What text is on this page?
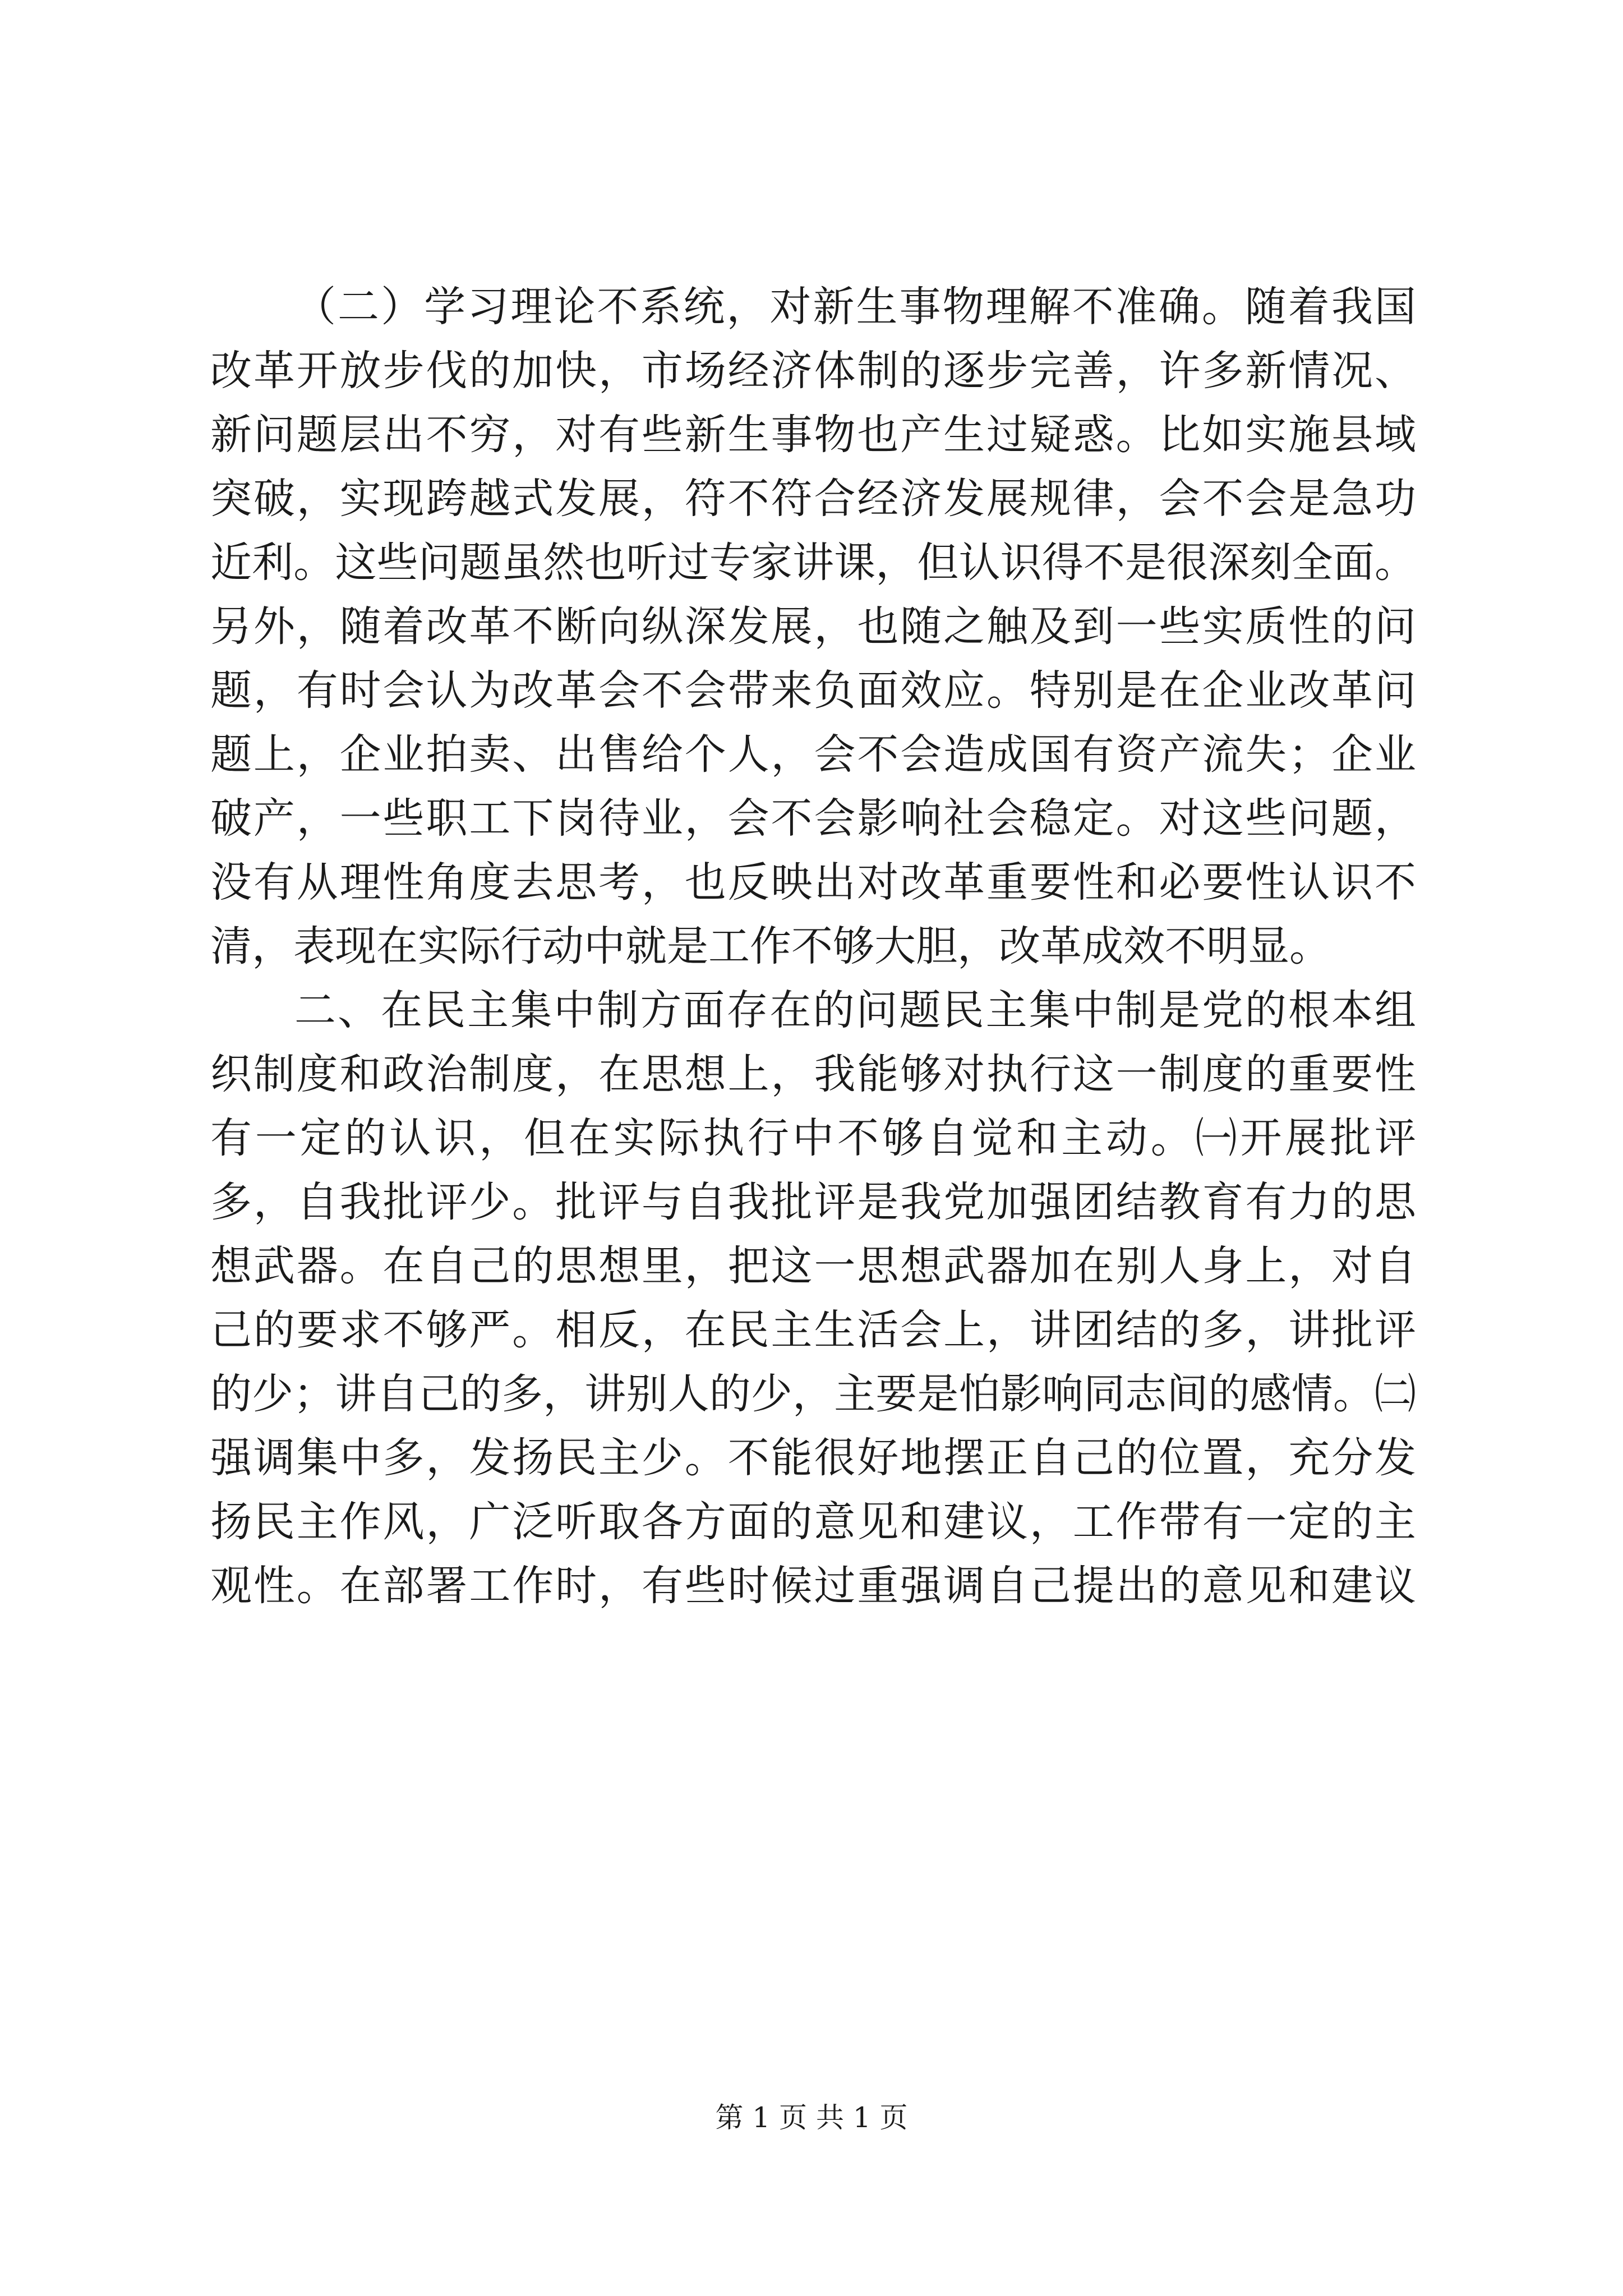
（二）学习理论不系统，对新生事物理解不准确。随着我国

改革开放步伐的加快，市场经济体制的逐步完善，许多新情况、

新问题层出不穷，对有些新生事物也产生过疑惑。比如实施县域

突破，实现跨越式发展，符不符合经济发展规律，会不会是急功

近利。这些问题虽然也听过专家讲课，但认识得不是很深刻全面。

另外，随着改革不断向纵深发展，也随之触及到一些实质性的问

题，有时会认为改革会不会带来负面效应。特别是在企业改革问

题上，企业拍卖、出售给个人，会不会造成国有资产流失；企业

破产，一些职工下岗待业，会不会影响社会稳定。对这些问题，

没有从理性角度去思考，也反映出对改革重要性和必要性认识不

清，表现在实际行动中就是工作不够大胆，改革成效不明显。

二、在民主集中制方面存在的问题民主集中制是党的根本组

织制度和政治制度，在思想上，我能够对执行这一制度的重要性

有一定的认识，但在实际执行中不够自觉和主动。㈠开展批评

多，自我批评少。批评与自我批评是我党加强团结教育有力的思

想武器。在自己的思想里，把这一思想武器加在别人身上，对自

己的要求不够严。相反，在民主生活会上，讲团结的多，讲批评

的少；讲自己的多，讲别人的少，主要是怕影响同志间的感情。㈡

强调集中多，发扬民主少。不能很好地摆正自己的位置，充分发

扬民主作风，广泛听取各方面的意见和建议，工作带有一定的主

观性。在部署工作时，有些时候过重强调自己提出的意见和建议

第 1 页 共 1 页
